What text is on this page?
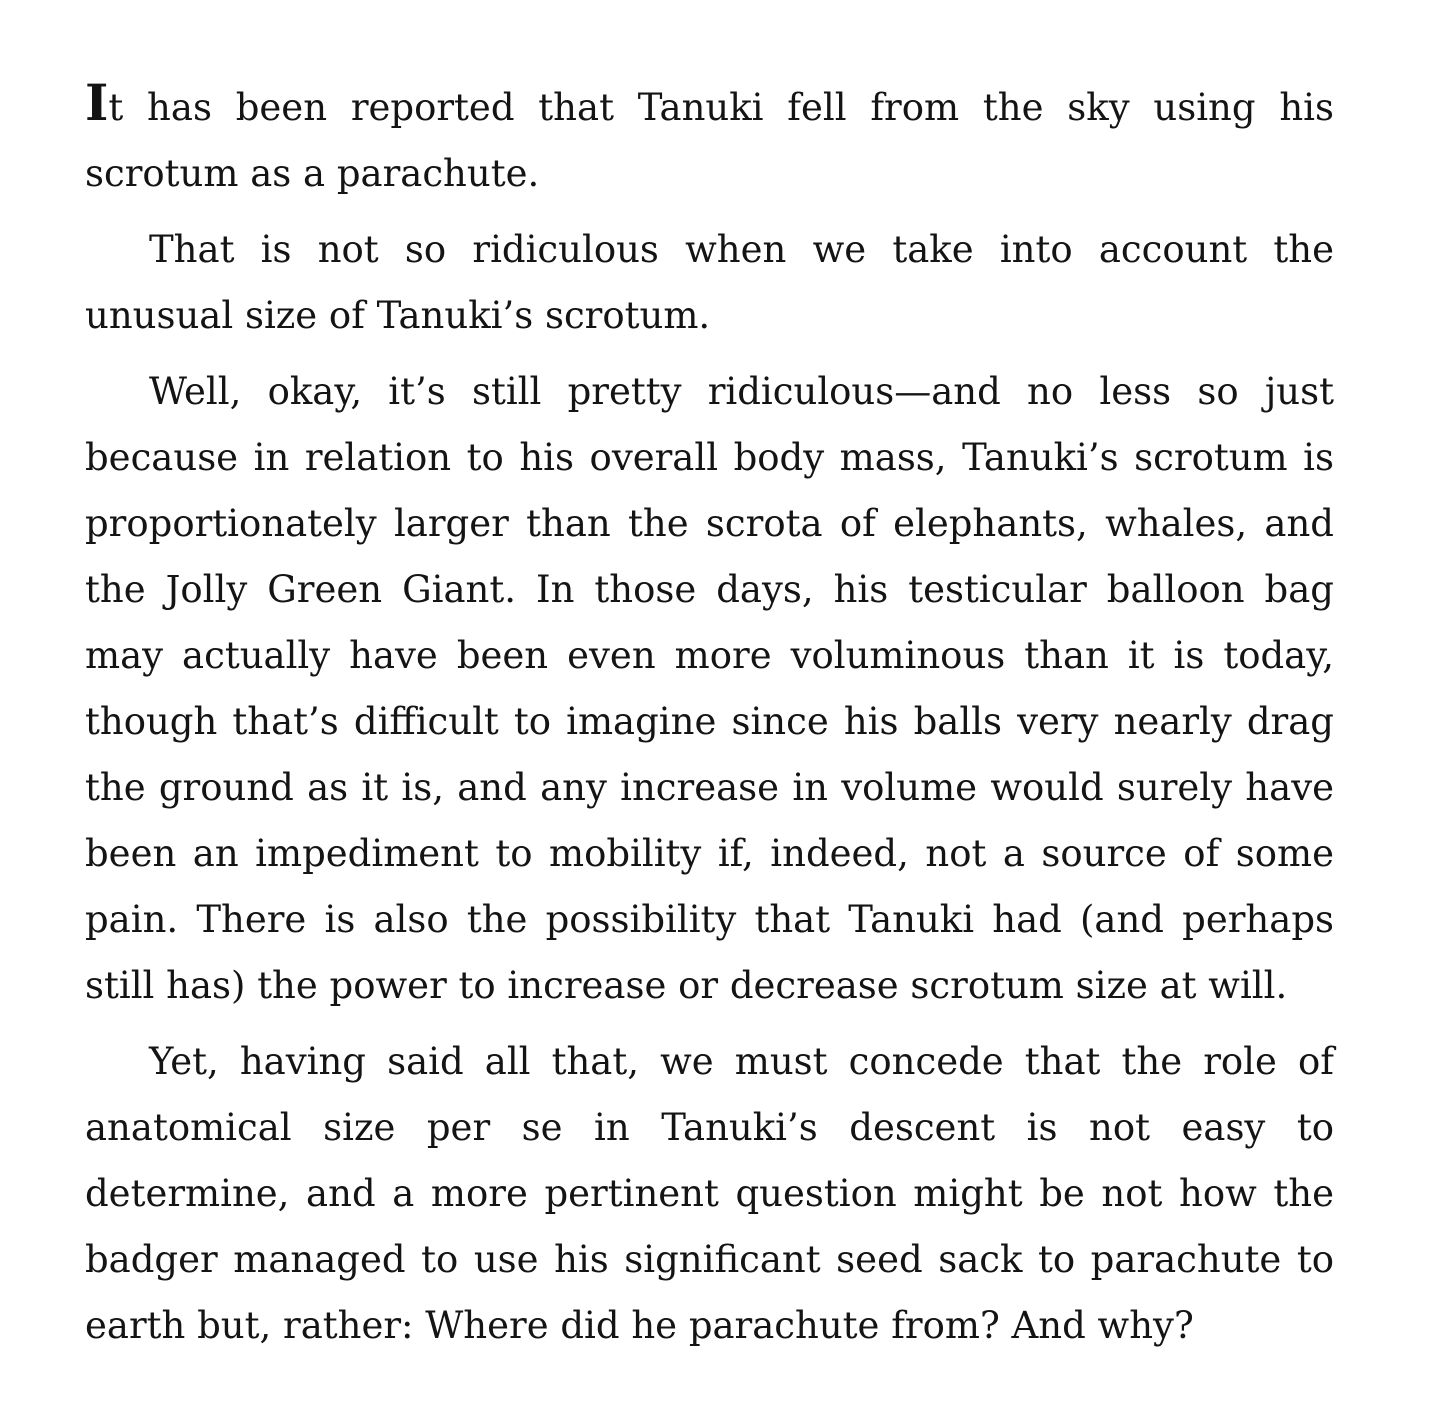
It has been reported that Tanuki fell from the sky using his scrotum as a parachute.

That is not so ridiculous when we take into account the unusual size of Tanuki’s scrotum.

Well, okay, it’s still pretty ridiculous—and no less so just because in relation to his overall body mass, Tanuki’s scrotum is proportionately larger than the scrota of elephants, whales, and the Jolly Green Giant. In those days, his testicular balloon bag may actually have been even more voluminous than it is today, though that’s difficult to imagine since his balls very nearly drag the ground as it is, and any increase in volume would surely have been an impediment to mobility if, indeed, not a source of some pain. There is also the possibility that Tanuki had (and perhaps still has) the power to increase or decrease scrotum size at will.

Yet, having said all that, we must concede that the role of anatomical size per se in Tanuki’s descent is not easy to determine, and a more pertinent question might be not how the badger managed to use his significant seed sack to parachute to earth but, rather: Where did he parachute from? And why?
